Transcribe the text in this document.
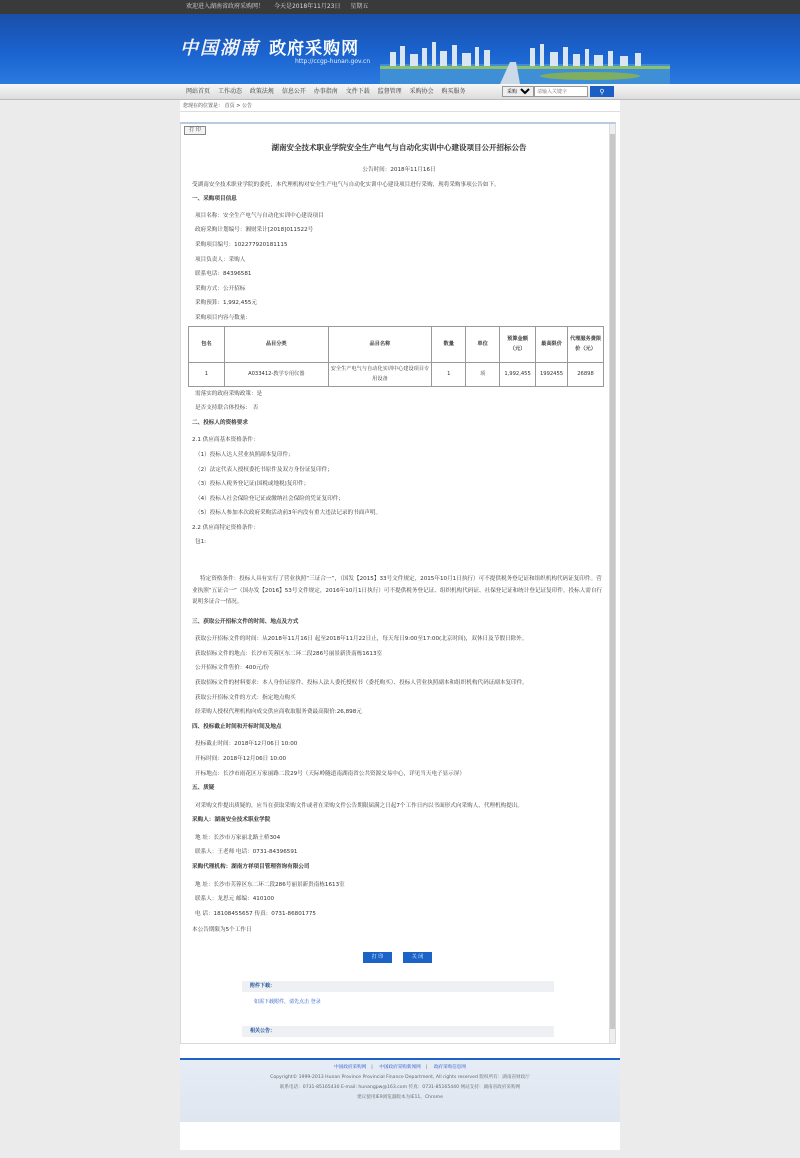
欢迎进入湖南省政府采购网！ 今天是2018年11月23日 星期五
中国湖南 政府采购网
http://ccgp-hunan.gov.cn
网站首页 工作动态 政策法规 信息公开 办事指南 文件下载 监督管理 采购协会 购买服务
采购公告
请输入关键字	⚲
您现在的位置是： 首页 > 公告
打 印
湖南安全技术职业学院安全生产电气与自动化实训中心建设项目公开招标公告

公告时间：2018年11月16日

受湖南安全技术职业学院的委托，本代理机构对安全生产电气与自动化实训中心建设项目进行采购，现将采购事项公告如下。

一、采购项目信息

项目名称：安全生产电气与自动化实训中心建设项目

政府采购计划编号：湘财采计[2018]011522号

采购项目编号：102277920181115

项目负责人：采购人

联系电话：84396581

采购方式：公开招标

采购预算：1,992,455元

采购项目内容与数量：

包名	品目分类	品目名称	数量	单位	预算金额（元）	最高限价	代理服务费限价（元）
1	A033412-教学专用仪器	安全生产电气与自动化实训中心建设项目专用设备	1	项	1,992,455	1992455	26898

需落实的政府采购政策：是

是否支持联合体投标： 否

二、投标人的资格要求

2.1 供应商基本资格条件：

（1）投标人达人营业执照副本复印件；

（2）法定代表人授权委托书原件及双方身份证复印件；

（3）投标人税务登记证(国税或地税)复印件；

（4）投标人社会保险登记证或缴纳社会保险的凭证复印件；

（5）投标人参加本次政府采购活动前3年内没有重大违法记录的书面声明。

2.2 供应商特定资格条件：

包1:

特定资格条件：投标人具有实行了营业执照“三证合一”，（国发【2015】33号文件规定，2015年10月1日执行）可不提供税务登记证和组织机构代码证复印件。营业执照“五证合一”（国办发【2016】53号文件规定，2016年10月1日执行）可不提供税务登记证、组织机构代码证、社保登记证和统计登记证复印件。投标人需自行说明多证合一情况。

三、获取公开招标文件的时间、地点及方式

获取公开招标文件的时间：从2018年11月16日 起至2018年11月22日止，每天每日9:00至17:00(北京时间)，双休日及节假日除外。

获取招标文件的地点：长沙市芙蓉区东二环二段286号丽景新贵南栋1613室

公开招标文件售价：400元/份

获取招标文件的材料要求：本人身份证原件、投标人法人委托授权书（委托购买）、投标人营业执照副本和组织机构代码证副本复印件。

获取公开招标文件的方式：指定地点购买

经采购人授权代理机构向成交供应商收取服务费最高限价:26,898元

四、投标截止时间和开标时间及地点

投标截止时间：2018年12月06日 10:00

开标时间：2018年12月06日 10:00

开标地点：长沙市雨花区万家丽路二段29号（天际岭隧道南湖南省公共资源交易中心，详见当天电子显示屏）

五、质疑

对采购文件提出质疑的，应当在获取采购文件或者在采购文件公告期限届满之日起7个工作日内以书面形式向采购人、代理机构提出。

采购人：湖南安全技术职业学院

地 址：长沙市万家丽北路土桥304

联系人：王老师 电话：0731-84396591

采购代理机构：湖南方祥项目管理咨询有限公司

地 址：长沙市芙蓉区东二环二段286号丽景新贵南栋1613室

联系人：龙思元 邮编：410100

电 话：18108455657 传真：0731-86801775

本公告期限为5个工作日

打 印	关 闭
附件下载：
如需下载附件，请先点击 登录
相关公告：
中国政府采购网 | 中国政府采购新闻网 | 政府采购信息网
Copyright© 1999-2013 Hunan Province Provincial Finance Department, All rights reserved 版权所有：湖南省财政厅
联系电话：0731-85165430 E-mail: hunangpw@163.com 传真：0731-85165440 网站支持：湖南省政府采购网
建议使用IE9浏览器版本为IE11、Chrome
